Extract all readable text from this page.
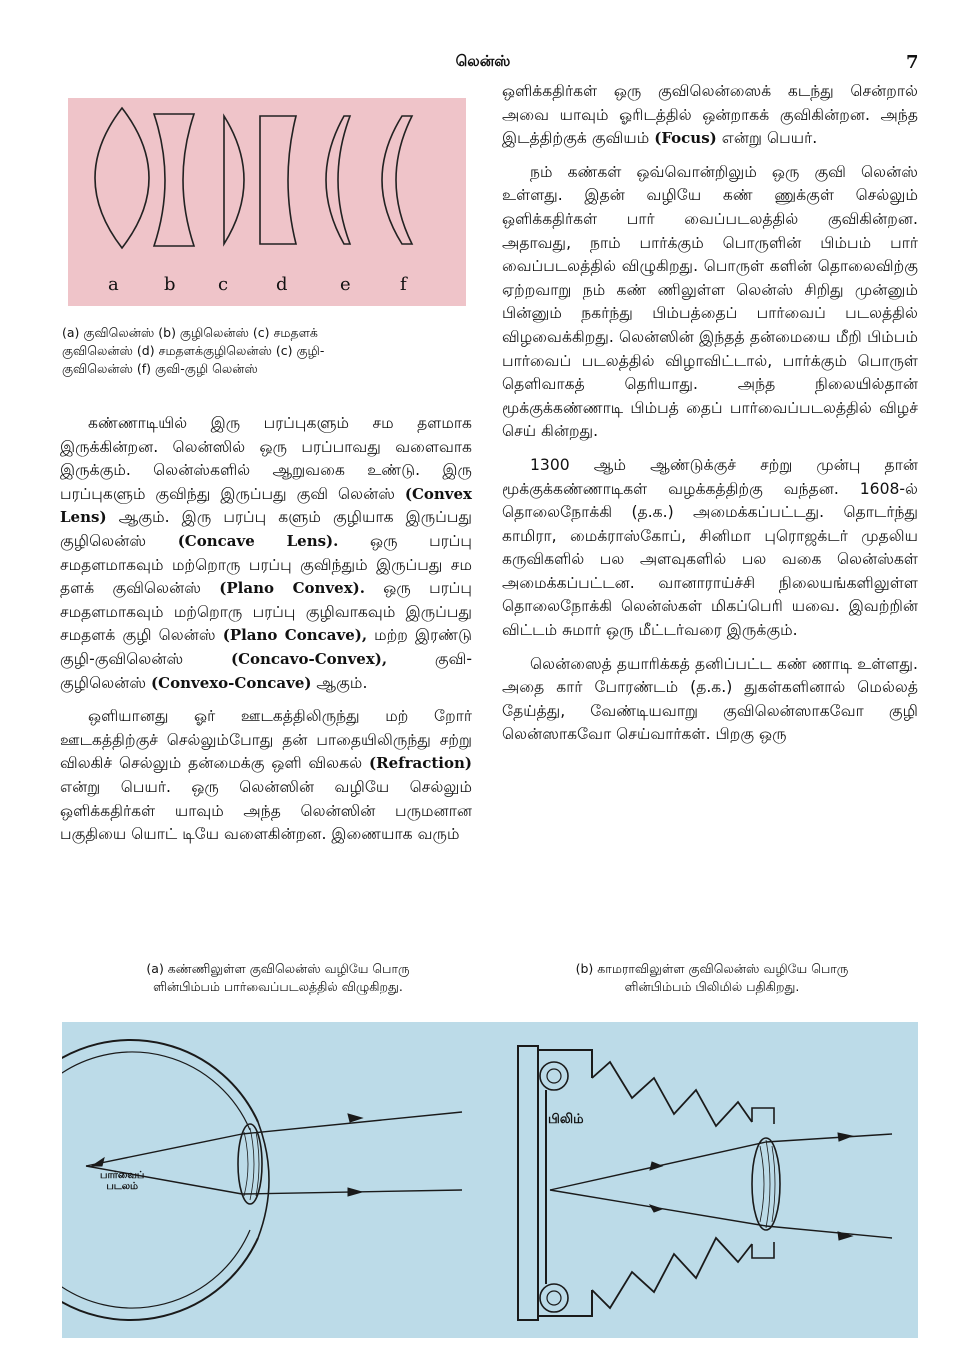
லென்ஸ்	7
a	b c	d	e	f

(a) குவிலென்ஸ் (b) குழிலென்ஸ் (c) சமதளக்

குவிலென்ஸ் (d) சமதளக்குழிலென்ஸ் (c) குழி-

குவிலென்ஸ் (f) குவி-குழி லென்ஸ்

கண்ணாடியில் இரு பரப்புகளும் சம தளமாக இருக்கின்றன. லென்ஸில் ஒரு பரப்பாவது வளைவாக இருக்கும். லென்ஸ்களில் ஆறுவகை உண்டு. இரு பரப்புகளும் குவிந்து இருப்பது குவி லென்ஸ் (Convex Lens) ஆகும். இரு பரப்பு களும் குழியாக இருப்பது குழிலென்ஸ் (Concave Lens). ஒரு பரப்பு சமதளமாகவும் மற்றொரு பரப்பு குவிந்தும் இருப்பது சம தளக் குவிலென்ஸ் (Plano Convex). ஒரு பரப்பு சமதளமாகவும் மற்றொரு பரப்பு குழிவாகவும் இருப்பது சமதளக் குழி லென்ஸ் (Plano Concave), மற்ற இரண்டு குழி-குவிலென்ஸ் (Concavo-Convex), குவி-குழிலென்ஸ் (Convexo-Concave) ஆகும்.

ஒளியானது ஓர் ஊடகத்திலிருந்து மற் றோர் ஊடகத்திற்குச் செல்லும்போது தன் பாதையிலிருந்து சற்று விலகிச் செல்லும் தன்மைக்கு ஒளி விலகல் (Refraction) என்று பெயர். ஒரு லென்ஸின் வழியே செல்லும் ஒளிக்கதிர்கள் யாவும் அந்த லென்ஸின் பருமனான பகுதியை யொட் டியே வளைகின்றன. இணையாக வரும்

ஒளிக்கதிர்கள் ஒரு குவிலென்ஸைக் கடந்து சென்றால் அவை யாவும் ஓரிடத்தில் ஒன்றாகக் குவிகின்றன. அந்த இடத்திற்குக் குவியம் (Focus) என்று பெயர்.

நம் கண்கள் ஒவ்வொன்றிலும் ஒரு குவி லென்ஸ் உள்ளது. இதன் வழியே கண் ணுக்குள் செல்லும் ஒளிக்கதிர்கள் பார் வைப்படலத்தில் குவிகின்றன. அதாவது, நாம் பார்க்கும் பொருளின் பிம்பம் பார் வைப்படலத்தில் விழுகிறது. பொருள் களின் தொலைவிற்கு ஏற்றவாறு நம் கண் ணிலுள்ள லென்ஸ் சிறிது முன்னும் பின்னும் நகர்ந்து பிம்பத்தைப் பார்வைப் படலத்தில் விழவைக்கிறது. லென்ஸின் இந்தத் தன்மையை மீறி பிம்பம் பார்வைப் படலத்தில் விழாவிட்டால், பார்க்கும் பொருள் தெளிவாகத் தெரியாது. அந்த நிலையில்தான் மூக்குக்கண்ணாடி பிம்பத் தைப் பார்வைப்படலத்தில் விழச் செய் கின்றது.

1300 ஆம் ஆண்டுக்குச் சற்று முன்பு தான் மூக்குக்கண்ணாடிகள் வழக்கத்திற்கு வந்தன. 1608-ல் தொலைநோக்கி (த.க.) அமைக்கப்பட்டது. தொடர்ந்து காமிரா, மைக்ராஸ்கோப், சினிமா புரொஜக்டர் முதலிய கருவிகளில் பல அளவுகளில் பல வகை லென்ஸ்கள் அமைக்கப்பட்டன. வானாராய்ச்சி நிலையங்களிலுள்ள தொலைநோக்கி லென்ஸ்கள் மிகப்பெரி யவை. இவற்றின் விட்டம் சுமார் ஒரு மீட்டர்வரை இருக்கும்.

லென்ஸைத் தயாரிக்கத் தனிப்பட்ட கண் ணாடி உள்ளது. அதை கார் போரண்டம் (த.க.) துகள்களினால் மெல்லத் தேய்த்து, வேண்டியவாறு குவிலென்ஸாகவோ குழி லென்ஸாகவோ செய்வார்கள். பிறகு ஒரு

(a) கண்ணிலுள்ள குவிலென்ஸ் வழியே பொரு
ளின்பிம்பம் பார்வைப்படலத்தில் விழுகிறது.
(b) காமராவிலுள்ள குவிலென்ஸ் வழியே பொரு
ளின்பிம்பம் பிலிமில் பதிகிறது.
பார்வைப்
படலம்
பிலிம்
